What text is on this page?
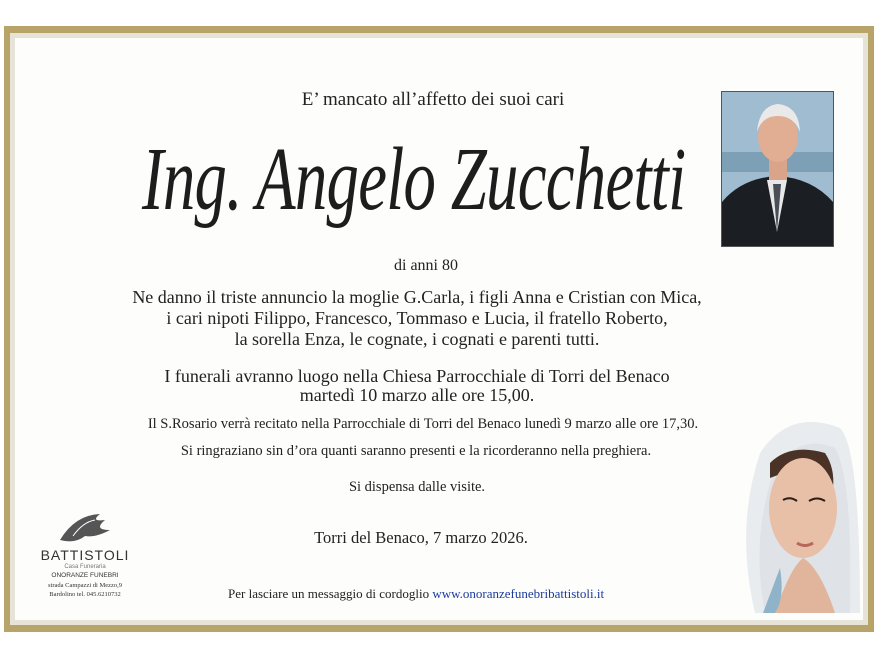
E’ mancato all’affetto dei suoi cari
Ing. Angelo Zucchetti
di anni 80
Ne danno il triste annuncio la moglie G.Carla, i figli Anna e Cristian con Mica,
i cari nipoti Filippo, Francesco, Tommaso e Lucia, il fratello Roberto,
la sorella Enza, le cognate, i cognati e parenti tutti.
I funerali avranno luogo nella Chiesa Parrocchiale di Torri del Benaco
martedì 10 marzo alle ore 15,00.
Il S.Rosario verrà recitato nella Parrocchiale di Torri del Benaco lunedì 9 marzo alle ore 17,30.
Si ringraziano sin d’ora quanti saranno presenti e la ricorderanno nella preghiera.
Si dispensa dalle visite.
Torri del Benaco, 7 marzo 2026.
Per lasciare un messaggio di cordoglio www.onoranzefunebribattistoli.it
BATTISTOLI
Casa Funeraria
ONORANZE FUNEBRI
strada Campazzi di Mezzo,9
Bardolino tel. 045.6210732
